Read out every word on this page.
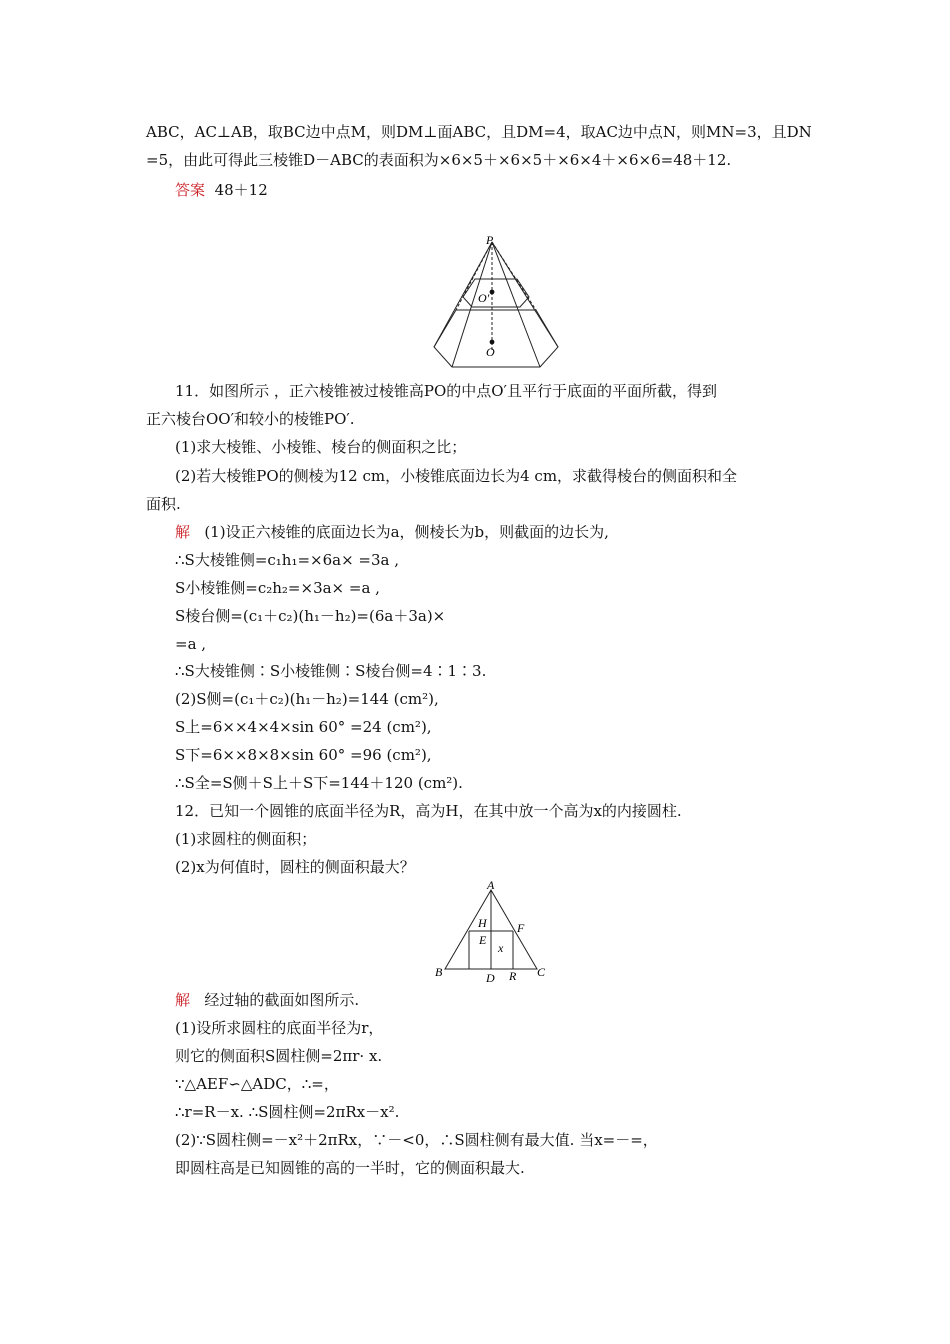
ABC，AC⊥AB，取BC边中点M，则DM⊥面ABC，且DM=4，取AC边中点N，则MN=3，且DN
=5，由此可得此三棱锥D－ABC的表面积为×6×5＋×6×5＋×6×4＋×6×6=48＋12.
答案 48＋12
P
O′
O
11．如图所示 ，正六棱锥被过棱锥高PO的中点O′且平行于底面的平面所截，得到
正六棱台OO′和较小的棱锥PO′.
(1)求大棱锥、小棱锥、棱台的侧面积之比；
(2)若大棱锥PO的侧棱为12 cm，小棱锥底面边长为4 cm，求截得棱台的侧面积和全
面积.
解 (1)设正六棱锥的底面边长为a，侧棱长为b，则截面的边长为,
∴S大棱锥侧=c₁h₁=×6a× =3a ,
S小棱锥侧=c₂h₂=×3a× =a ,
S棱台侧=(c₁＋c₂)(h₁－h₂)=(6a＋3a)×
=a ,
∴S大棱锥侧∶S小棱锥侧∶S棱台侧=4∶1∶3.
(2)S侧=(c₁＋c₂)(h₁－h₂)=144 (cm²),
S上=6××4×4×sin 60° =24 (cm²),
S下=6××8×8×sin 60° =96 (cm²),
∴S全=S侧＋S上＋S下=144＋120 (cm²).
12．已知一个圆锥的底面半径为R，高为H，在其中放一个高为x的内接圆柱.
(1)求圆柱的侧面积；
(2)x为何值时，圆柱的侧面积最大？
A
H	F
E
x
B	D R C
解 经过轴的截面如图所示.
(1)设所求圆柱的底面半径为r，
则它的侧面积S圆柱侧=2πr· x.
∵△AEF∽△ADC，∴=，
∴r=R－x. ∴S圆柱侧=2πRx－x².
(2)∵S圆柱侧=－x²＋2πRx，∵－<0，∴S圆柱侧有最大值. 当x=－=，
即圆柱高是已知圆锥的高的一半时，它的侧面积最大.
